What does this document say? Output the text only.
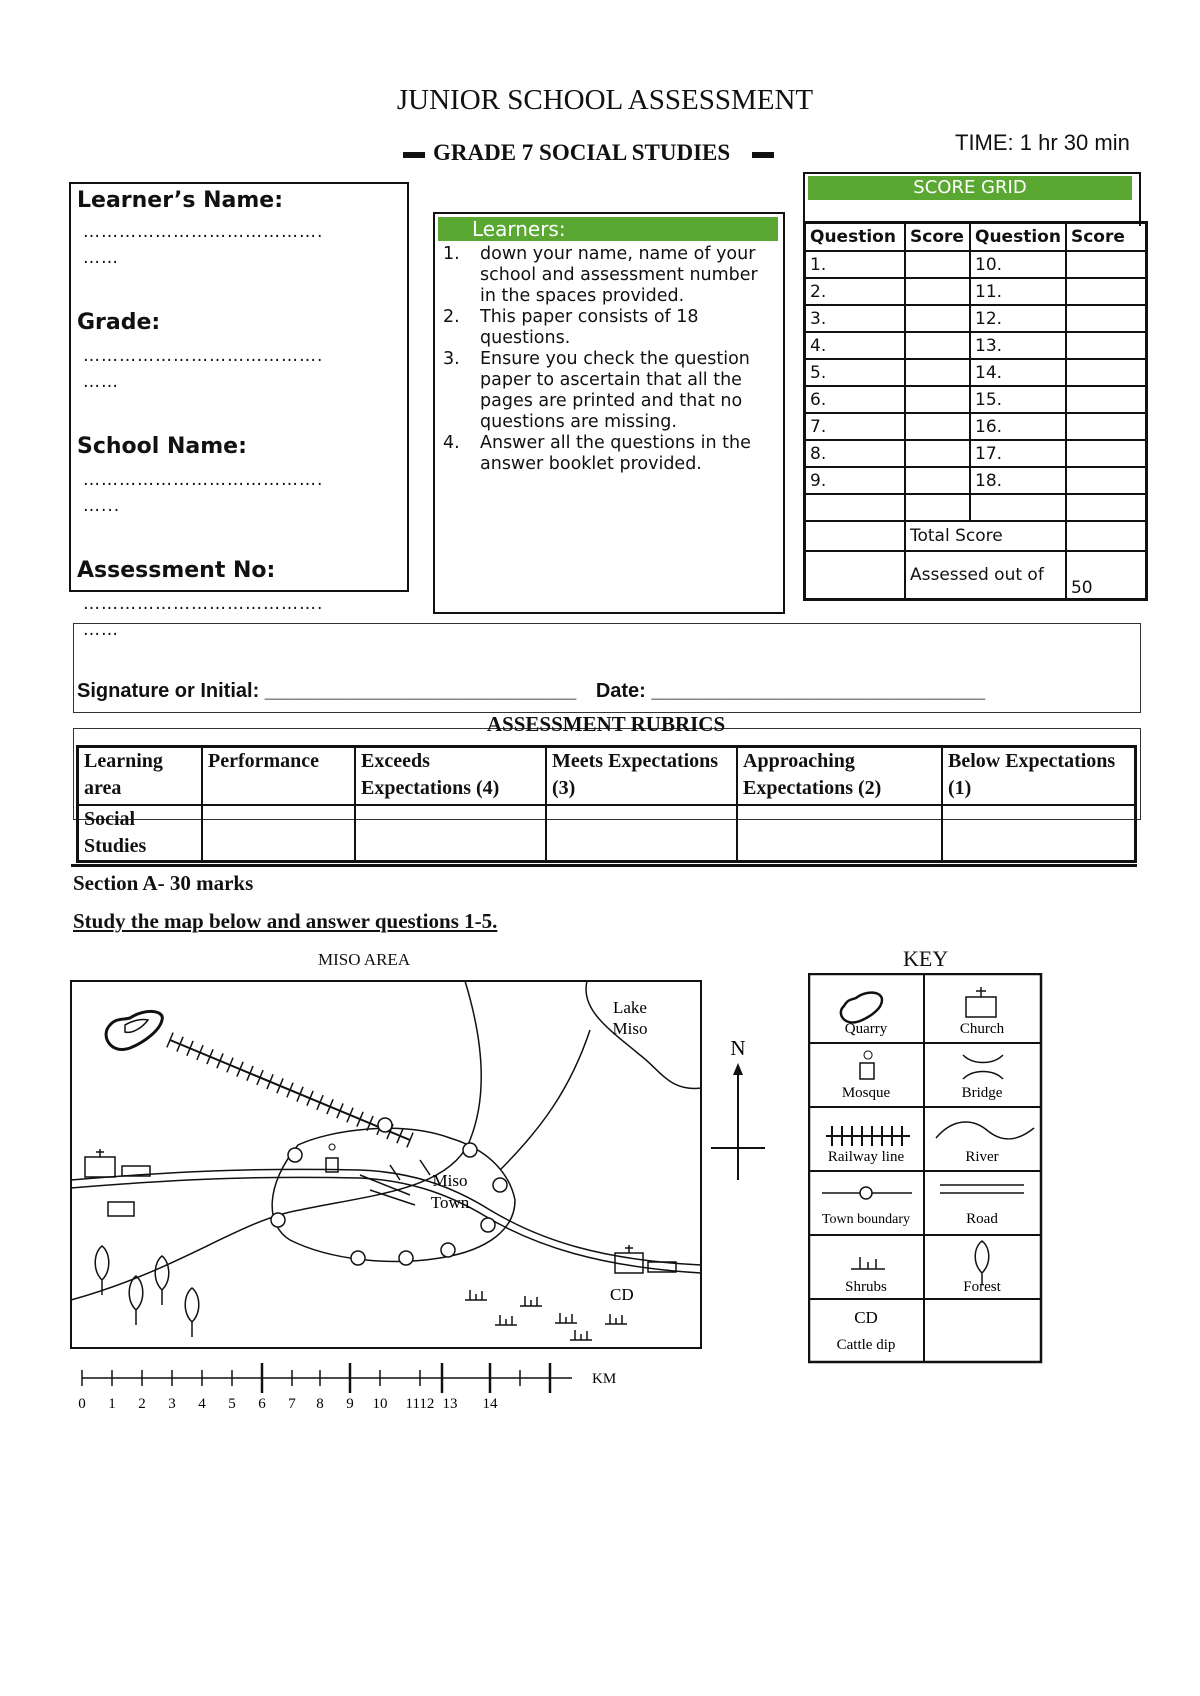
JUNIOR SCHOOL ASSESSMENT
GRADE 7 SOCIAL STUDIES	TIME: 1 hr 30 min
Learner’s Name:
………………………………….
……
Grade:
………………………………….
……
School Name:
………………………………….
…...
Assessment No:
………………………………….
……
Learners:
1.	down your name, name of your school and assessment number in the spaces provided.
2.	This paper consists of 18 questions.
3.	Ensure you check the question paper to ascertain that all the pages are printed and that no questions are missing.
4.	Answer all the questions in the answer booklet provided.
SCORE GRID
Question	Score	Question	Score
1.		10.	
2.		11.	
3.		12.	
4.		13.	
5.		14.	
6.		15.	
7.		16.	
8.		17.	
9.		18.	

	Total Score		
	Assessed out of		50
Signature or Initial: ____________________________ Date: ______________________________
ASSESSMENT RUBRICS
Learning area	Performance	Exceeds Expectations (4)	Meets Expectations (3)	Approaching Expectations (2)	Below Expectations (1)
Social Studies					
Section A- 30 marks
Study the map below and answer questions 1-5.
MISO AREA
Lake
Miso
Miso
Town
CD
N
0 1 2 3 4 5 6 7 8 9 10 1112 13 14
KM
KEY
Quarry	Church
Mosque	Bridge
Railway line	River
Town boundary	Road
Shrubs	Forest
CD
Cattle dip
